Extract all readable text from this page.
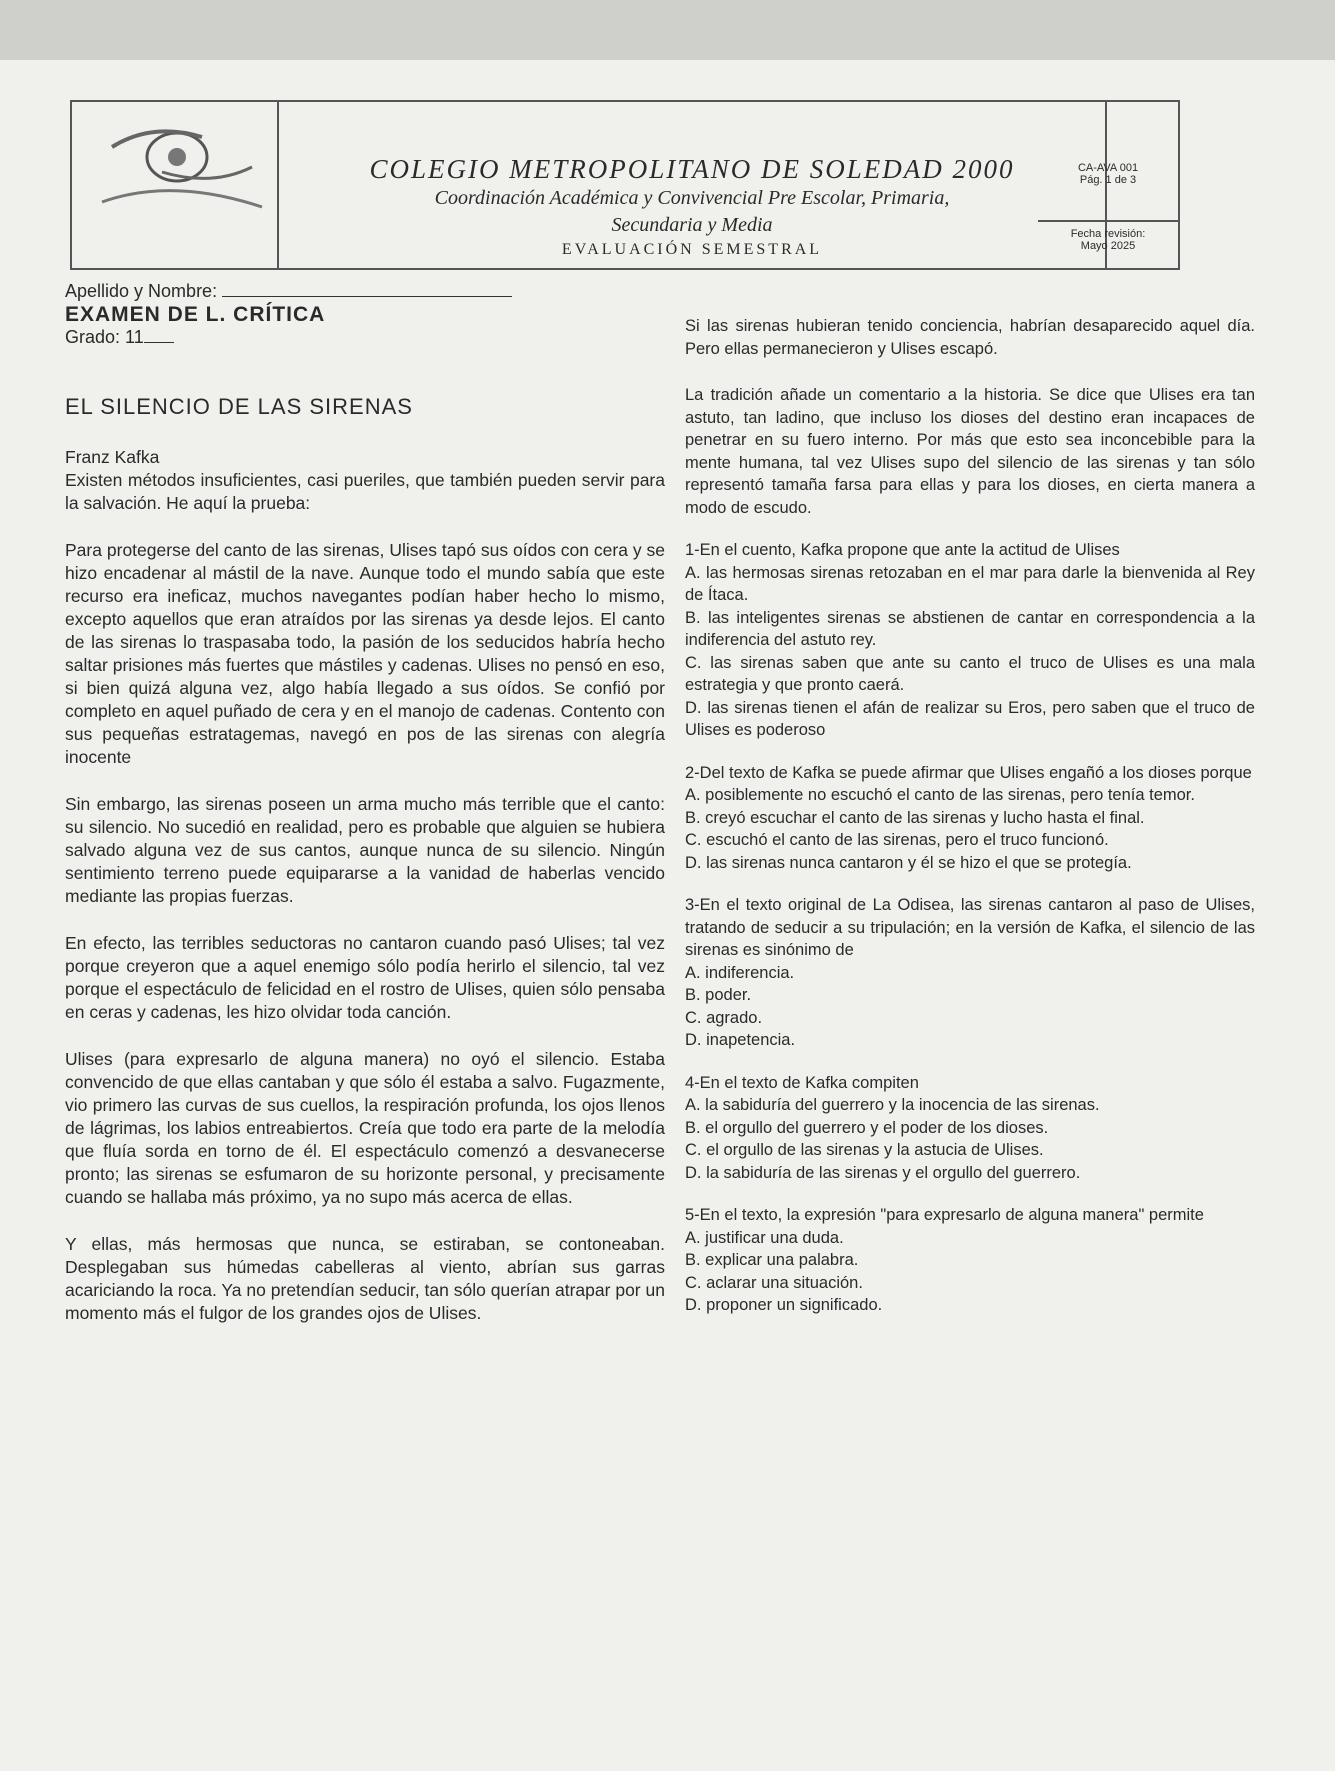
COLEGIO METROPOLITANO DE SOLEDAD 2000
Coordinación Académica y Convivencial Pre Escolar, Primaria,
Secundaria y Media
EVALUACIÓN SEMESTRAL
CA-AVA 001
Pág. 1 de 3
Fecha revisión:
Mayo 2025
Apellido y Nombre:
EXAMEN DE L. CRÍTICA
Grado: 11
EL SILENCIO DE LAS SIRENAS
Franz Kafka

Existen métodos insuficientes, casi pueriles, que también pueden servir para la salvación. He aquí la prueba:

Para protegerse del canto de las sirenas, Ulises tapó sus oídos con cera y se hizo encadenar al mástil de la nave. Aunque todo el mundo sabía que este recurso era ineficaz, muchos navegantes podían haber hecho lo mismo, excepto aquellos que eran atraídos por las sirenas ya desde lejos. El canto de las sirenas lo traspasaba todo, la pasión de los seducidos habría hecho saltar prisiones más fuertes que mástiles y cadenas. Ulises no pensó en eso, si bien quizá alguna vez, algo había llegado a sus oídos. Se confió por completo en aquel puñado de cera y en el manojo de cadenas. Contento con sus pequeñas estratagemas, navegó en pos de las sirenas con alegría inocente

Sin embargo, las sirenas poseen un arma mucho más terrible que el canto: su silencio. No sucedió en realidad, pero es probable que alguien se hubiera salvado alguna vez de sus cantos, aunque nunca de su silencio. Ningún sentimiento terreno puede equipararse a la vanidad de haberlas vencido mediante las propias fuerzas.

En efecto, las terribles seductoras no cantaron cuando pasó Ulises; tal vez porque creyeron que a aquel enemigo sólo podía herirlo el silencio, tal vez porque el espectáculo de felicidad en el rostro de Ulises, quien sólo pensaba en ceras y cadenas, les hizo olvidar toda canción.

Ulises (para expresarlo de alguna manera) no oyó el silencio. Estaba convencido de que ellas cantaban y que sólo él estaba a salvo. Fugazmente, vio primero las curvas de sus cuellos, la respiración profunda, los ojos llenos de lágrimas, los labios entreabiertos. Creía que todo era parte de la melodía que fluía sorda en torno de él. El espectáculo comenzó a desvanecerse pronto; las sirenas se esfumaron de su horizonte personal, y precisamente cuando se hallaba más próximo, ya no supo más acerca de ellas.

Y ellas, más hermosas que nunca, se estiraban, se contoneaban. Desplegaban sus húmedas cabelleras al viento, abrían sus garras acariciando la roca. Ya no pretendían seducir, tan sólo querían atrapar por un momento más el fulgor de los grandes ojos de Ulises.

Si las sirenas hubieran tenido conciencia, habrían desaparecido aquel día. Pero ellas permanecieron y Ulises escapó.

La tradición añade un comentario a la historia. Se dice que Ulises era tan astuto, tan ladino, que incluso los dioses del destino eran incapaces de penetrar en su fuero interno. Por más que esto sea inconcebible para la mente humana, tal vez Ulises supo del silencio de las sirenas y tan sólo representó tamaña farsa para ellas y para los dioses, en cierta manera a modo de escudo.

1-En el cuento, Kafka propone que ante la actitud de Ulises

A. las hermosas sirenas retozaban en el mar para darle la bienvenida al Rey de Ítaca.

B. las inteligentes sirenas se abstienen de cantar en correspondencia a la indiferencia del astuto rey.

C. las sirenas saben que ante su canto el truco de Ulises es una mala estrategia y que pronto caerá.

D. las sirenas tienen el afán de realizar su Eros, pero saben que el truco de Ulises es poderoso

2-Del texto de Kafka se puede afirmar que Ulises engañó a los dioses porque

A. posiblemente no escuchó el canto de las sirenas, pero tenía temor.

B. creyó escuchar el canto de las sirenas y lucho hasta el final.

C. escuchó el canto de las sirenas, pero el truco funcionó.

D. las sirenas nunca cantaron y él se hizo el que se protegía.

3-En el texto original de La Odisea, las sirenas cantaron al paso de Ulises, tratando de seducir a su tripulación; en la versión de Kafka, el silencio de las sirenas es sinónimo de

A. indiferencia.

B. poder.

C. agrado.

D. inapetencia.

4-En el texto de Kafka compiten

A. la sabiduría del guerrero y la inocencia de las sirenas.

B. el orgullo del guerrero y el poder de los dioses.

C. el orgullo de las sirenas y la astucia de Ulises.

D. la sabiduría de las sirenas y el orgullo del guerrero.

5-En el texto, la expresión "para expresarlo de alguna manera" permite

A. justificar una duda.

B. explicar una palabra.

C. aclarar una situación.

D. proponer un significado.
